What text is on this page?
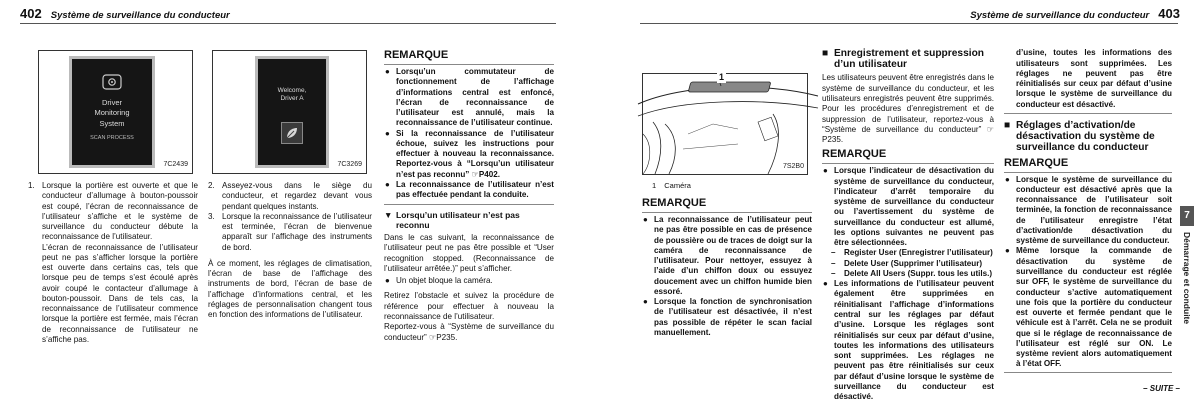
402 Système de surveillance du conducteur
Driver
Monitoring
System
SCAN PROCESS
7C2439
Welcome,
Driver A
7C3269
1. Lorsque la portière est ouverte et que le conducteur d’allumage à bouton-poussoir est coupé, l’écran de reconnaissance de l’utilisateur s’affiche et le système de surveillance du conducteur débute la reconnaissance de l’utilisateur.
L’écran de reconnaissance de l’utilisateur peut ne pas s’afficher lorsque la portière est ouverte dans certains cas, tels que lorsque peu de temps s’est écoulé après avoir coupé le contacteur d’allumage à bouton-poussoir. Dans de tels cas, la reconnaissance de l’utilisateur commence lorsque la portière est fermée, mais l’écran de reconnaissance de l’utilisateur ne s’affiche pas.
2. Asseyez-vous dans le siège du conducteur, et regardez devant vous pendant quelques instants.
3. Lorsque la reconnaissance de l’utilisateur est terminée, l’écran de bienvenue apparaît sur l’affichage des instruments de bord.
À ce moment, les réglages de climatisation, l’écran de base de l’affichage des instruments de bord, l’écran de base de l’affichage d’informations central, et les réglages de personnalisation changent tous en fonction des informations de l’utilisateur.
REMARQUE
● Lorsqu’un commutateur de fonctionnement de l’affichage d’informations central est enfoncé, l’écran de reconnaissance de l’utilisateur est annulé, mais la reconnaissance de l’utilisateur continue.
● Si la reconnaissance de l’utilisateur échoue, suivez les instructions pour effectuer à nouveau la reconnaissance. Reportez-vous à “Lorsqu’un utilisateur n’est pas reconnu” ☞P402.
● La reconnaissance de l’utilisateur n’est pas effectuée pendant la conduite.
▼ Lorsqu’un utilisateur n’est pas reconnu
Dans le cas suivant, la reconnaissance de l’utilisateur peut ne pas être possible et “User recognition stopped. (Reconnaissance de l’utilisateur arrêtée.)” peut s’afficher.
● Un objet bloque la caméra.
Retirez l’obstacle et suivez la procédure de référence pour effectuer à nouveau la reconnaissance de l’utilisateur.
Reportez-vous à “Système de surveillance du conducteur” ☞P235.
Système de surveillance du conducteur 403
1
7S2B0
1 Caméra
REMARQUE
● La reconnaissance de l’utilisateur peut ne pas être possible en cas de présence de poussière ou de traces de doigt sur la caméra de reconnaissance de l’utilisateur. Pour nettoyer, essuyez à l’aide d’un chiffon doux ou essuyez doucement avec un chiffon humide bien essoré.
● Lorsque la fonction de synchronisation de l’utilisateur est désactivée, il n’est pas possible de répéter le scan facial manuellement.
■ Enregistrement et suppression d’un utilisateur
Les utilisateurs peuvent être enregistrés dans le système de surveillance du conducteur, et les utilisateurs enregistrés peuvent être supprimés. Pour les procédures d’enregistrement et de suppression de l’utilisateur, reportez-vous à “Système de surveillance du conducteur” ☞P235.
REMARQUE
● Lorsque l’indicateur de désactivation du système de surveillance du conducteur, l’indicateur d’arrêt temporaire du système de surveillance du conducteur ou l’avertissement du système de surveillance du conducteur est allumé, les options suivantes ne peuvent pas être sélectionnées.
– Register User (Enregistrer l’utilisateur)
– Delete User (Supprimer l’utilisateur)
– Delete All Users (Suppr. tous les utils.)
● Les informations de l’utilisateur peuvent également être supprimées en réinitialisant l’affichage d’informations central sur les réglages par défaut d’usine. Lorsque les réglages sont réinitialisés sur ceux par défaut d’usine, toutes les informations des utilisateurs sont supprimées. Les réglages ne peuvent pas être réinitialisés sur ceux par défaut d’usine lorsque le système de surveillance du conducteur est désactivé.
d’usine, toutes les informations des utilisateurs sont supprimées. Les réglages ne peuvent pas être réinitialisés sur ceux par défaut d’usine lorsque le système de surveillance du conducteur est désactivé.
■ Réglages d’activation/de désactivation du système de surveillance du conducteur
REMARQUE
● Lorsque le système de surveillance du conducteur est désactivé après que la reconnaissance de l’utilisateur soit terminée, la fonction de reconnaissance de l’utilisateur enregistre l’état d’activation/de désactivation du système de surveillance du conducteur.
● Même lorsque la commande de désactivation du système de surveillance du conducteur est réglée sur OFF, le système de surveillance du conducteur s’active automatiquement une fois que la portière du conducteur est ouverte et fermée pendant que le véhicule est à l’arrêt. Cela ne se produit que si le réglage de reconnaissance de l’utilisateur est réglé sur ON. Le système revient alors automatiquement à l’état OFF.
7
Démarrage et conduite
– SUITE –
